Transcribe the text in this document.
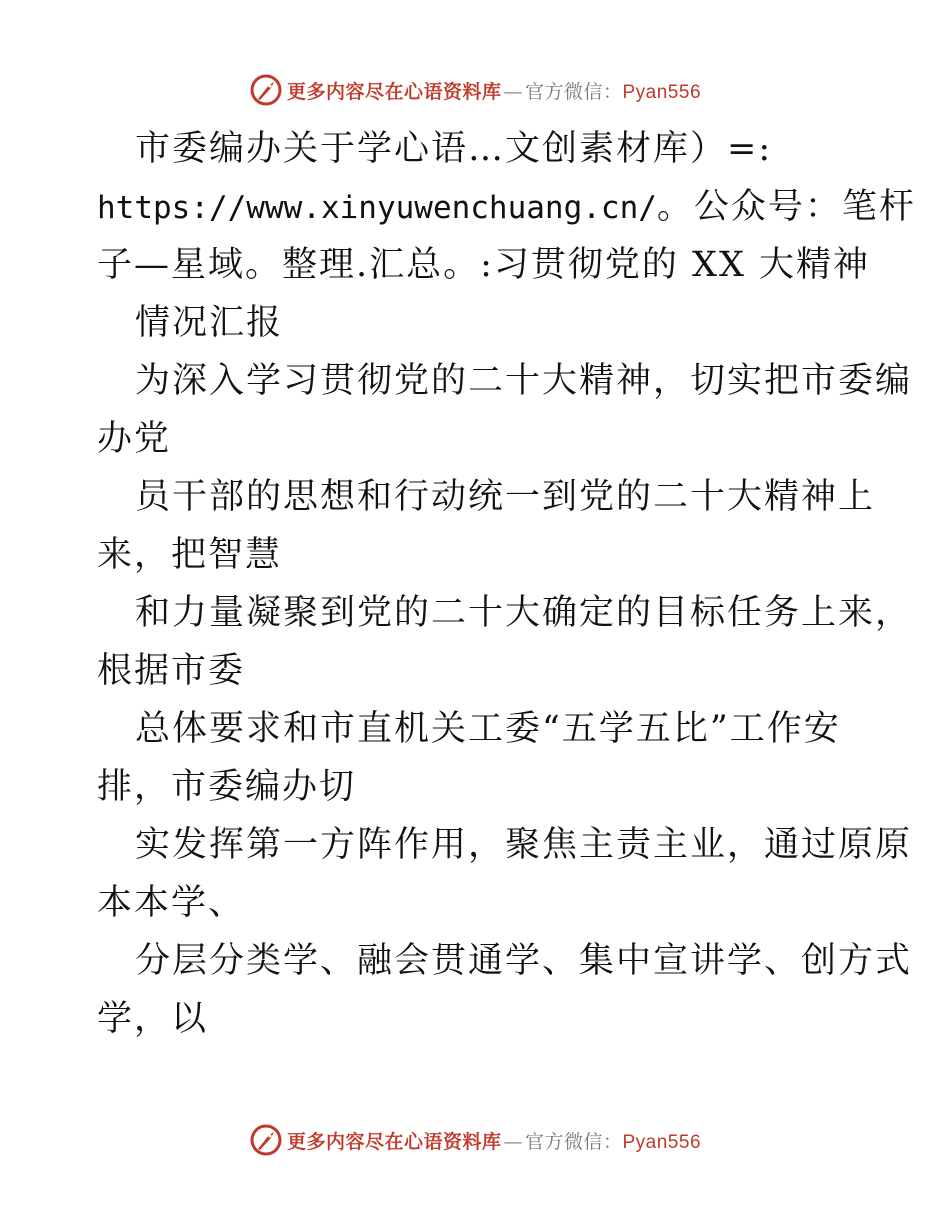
更多内容尽在心语资料库 — 官方微信： Pyan556
市委编办关于学心语…文创素材库）=:
https://www.xinyuwenchuang.cn/。公众号：笔杆
子—星域。整理.汇总。:习贯彻党的 XX 大精神
情况汇报
为深入学习贯彻党的二十大精神，切实把市委编
办党
员干部的思想和行动统一到党的二十大精神上
来，把智慧
和力量凝聚到党的二十大确定的目标任务上来，
根据市委
总体要求和市直机关工委“五学五比”工作安
排，市委编办切
实发挥第一方阵作用，聚焦主责主业，通过原原
本本学、
分层分类学、融会贯通学、集中宣讲学、创方式
学，以
更多内容尽在心语资料库 — 官方微信： Pyan556
